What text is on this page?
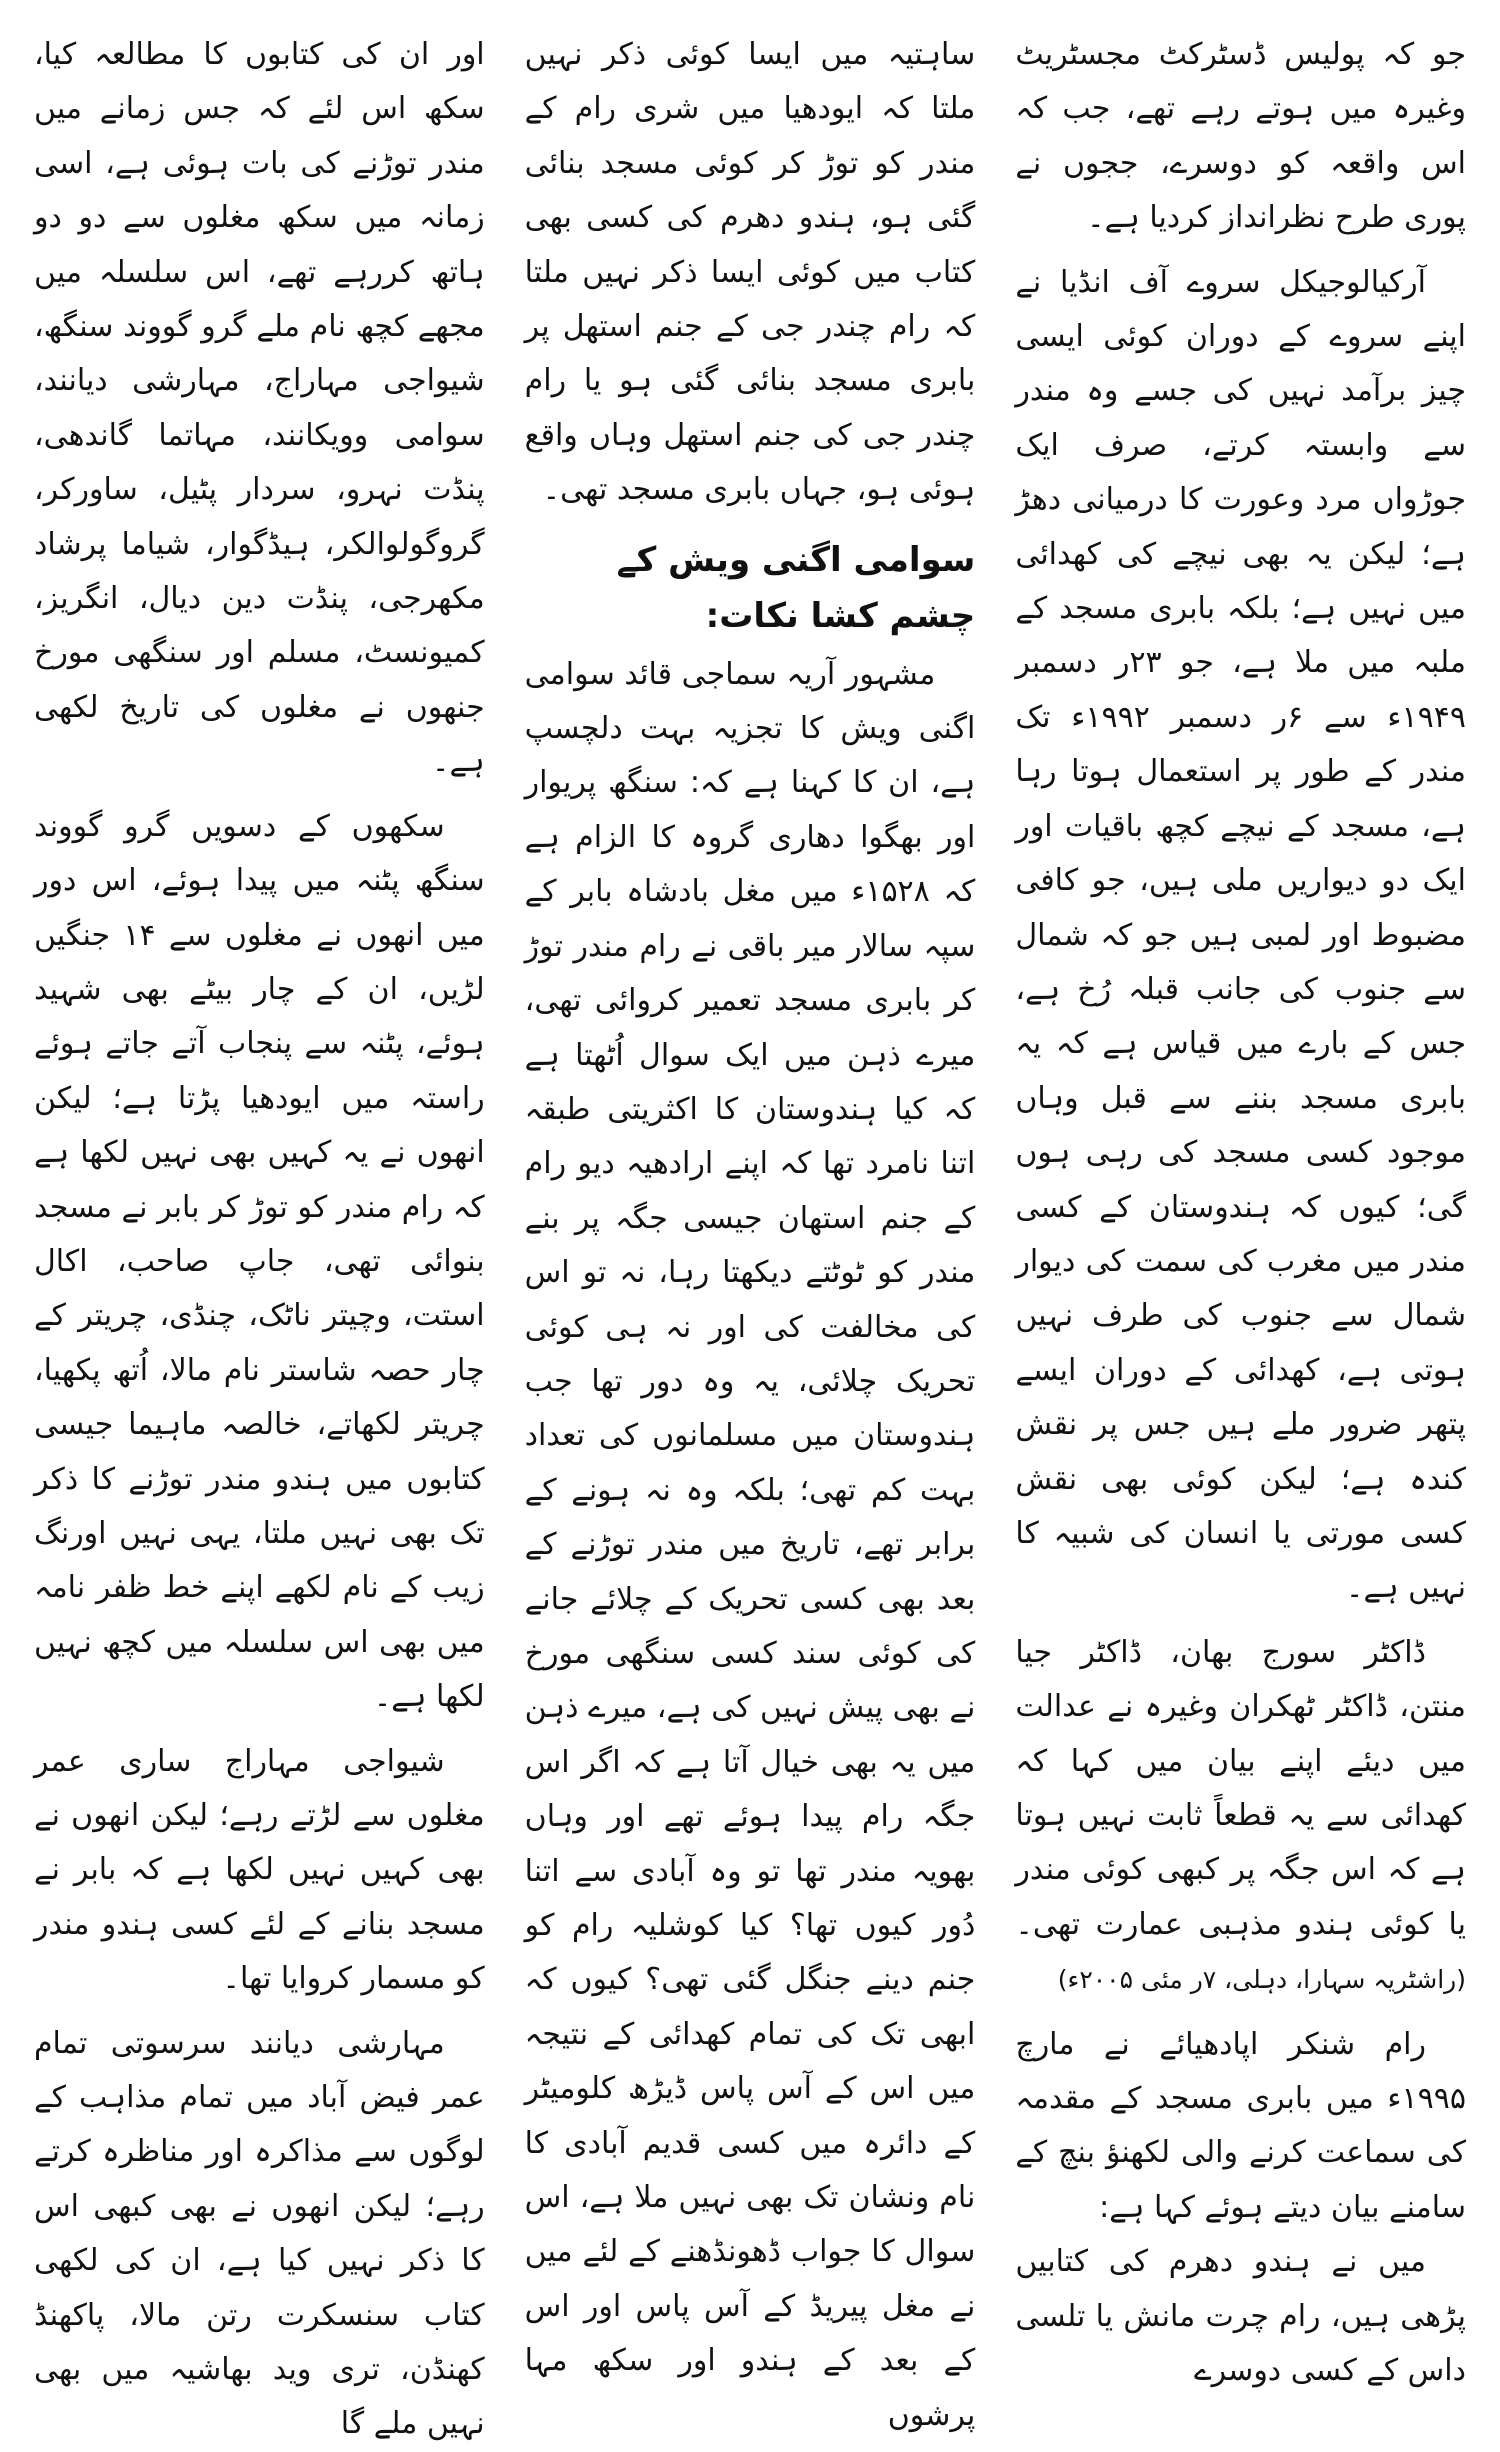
جو کہ پولیس ڈسٹرکٹ مجسٹریٹ وغیرہ میں ہوتے رہے تھے، جب کہ اس واقعہ کو دوسرے، ججوں نے پوری طرح نظرانداز کردیا ہے۔

آرکیالوجیکل سروے آف انڈیا نے اپنے سروے کے دوران کوئی ایسی چیز برآمد نہیں کی جسے وہ مندر سے وابستہ کرتے، صرف ایک جوڑواں مرد وعورت کا درمیانی دھڑ ہے؛ لیکن یہ بھی نیچے کی کھدائی میں نہیں ہے؛ بلکہ بابری مسجد کے ملبہ میں ملا ہے، جو ۲۳ر دسمبر ۱۹۴۹ء سے ۶ر دسمبر ۱۹۹۲ء تک مندر کے طور پر استعمال ہوتا رہا ہے، مسجد کے نیچے کچھ باقیات اور ایک دو دیواریں ملی ہیں، جو کافی مضبوط اور لمبی ہیں جو کہ شمال سے جنوب کی جانب قبلہ رُخ ہے، جس کے بارے میں قیاس ہے کہ یہ بابری مسجد بننے سے قبل وہاں موجود کسی مسجد کی رہی ہوں گی؛ کیوں کہ ہندوستان کے کسی مندر میں مغرب کی سمت کی دیوار شمال سے جنوب کی طرف نہیں ہوتی ہے، کھدائی کے دوران ایسے پتھر ضرور ملے ہیں جس پر نقش کندہ ہے؛ لیکن کوئی بھی نقش کسی مورتی یا انسان کی شبیہ کا نہیں ہے۔

ڈاکٹر سورج بھان، ڈاکٹر جیا منتن، ڈاکٹر ٹھکران وغیرہ نے عدالت میں دیئے اپنے بیان میں کہا کہ کھدائی سے یہ قطعاً ثابت نہیں ہوتا ہے کہ اس جگہ پر کبھی کوئی مندر یا کوئی ہندو مذہبی عمارت تھی۔ (راشٹریہ سہارا، دہلی، ۷ر مئی ۲۰۰۵ء)

رام شنکر اپادھیائے نے مارچ ۱۹۹۵ء میں بابری مسجد کے مقدمہ کی سماعت کرنے والی لکھنؤ بنچ کے سامنے بیان دیتے ہوئے کہا ہے:

میں نے ہندو دھرم کی کتابیں پڑھی ہیں، رام چرت مانش یا تلسی داس کے کسی دوسرے

ساہتیہ میں ایسا کوئی ذکر نہیں ملتا کہ ایودھیا میں شری رام کے مندر کو توڑ کر کوئی مسجد بنائی گئی ہو، ہندو دھرم کی کسی بھی کتاب میں کوئی ایسا ذکر نہیں ملتا کہ رام چندر جی کے جنم استھل پر بابری مسجد بنائی گئی ہو یا رام چندر جی کی جنم استھل وہاں واقع ہوئی ہو، جہاں بابری مسجد تھی۔

سوامی اگنی ویش کے چشم کشا نکات:

مشہور آریہ سماجی قائد سوامی اگنی ویش کا تجزیہ بہت دلچسپ ہے، ان کا کہنا ہے کہ: سنگھ پریوار اور بھگوا دھاری گروہ کا الزام ہے کہ ۱۵۲۸ء میں مغل بادشاہ بابر کے سپہ سالار میر باقی نے رام مندر توڑ کر بابری مسجد تعمیر کروائی تھی، میرے ذہن میں ایک سوال اُٹھتا ہے کہ کیا ہندوستان کا اکثریتی طبقہ اتنا نامرد تھا کہ اپنے ارادھیہ دیو رام کے جنم استھان جیسی جگہ پر بنے مندر کو ٹوٹتے دیکھتا رہا، نہ تو اس کی مخالفت کی اور نہ ہی کوئی تحریک چلائی، یہ وہ دور تھا جب ہندوستان میں مسلمانوں کی تعداد بہت کم تھی؛ بلکہ وہ نہ ہونے کے برابر تھے، تاریخ میں مندر توڑنے کے بعد بھی کسی تحریک کے چلائے جانے کی کوئی سند کسی سنگھی مورخ نے بھی پیش نہیں کی ہے، میرے ذہن میں یہ بھی خیال آتا ہے کہ اگر اس جگہ رام پیدا ہوئے تھے اور وہاں بھویہ مندر تھا تو وہ آبادی سے اتنا دُور کیوں تھا؟ کیا کوشلیہ رام کو جنم دینے جنگل گئی تھی؟ کیوں کہ ابھی تک کی تمام کھدائی کے نتیجہ میں اس کے آس پاس ڈیڑھ کلومیٹر کے دائرہ میں کسی قدیم آبادی کا نام ونشان تک بھی نہیں ملا ہے، اس سوال کا جواب ڈھونڈھنے کے لئے میں نے مغل پیریڈ کے آس پاس اور اس کے بعد کے ہندو اور سکھ مہا پرشوں

اور ان کی کتابوں کا مطالعہ کیا، سکھ اس لئے کہ جس زمانے میں مندر توڑنے کی بات ہوئی ہے، اسی زمانہ میں سکھ مغلوں سے دو دو ہاتھ کررہے تھے، اس سلسلہ میں مجھے کچھ نام ملے گرو گووند سنگھ، شیواجی مہاراج، مہارشی دیانند، سوامی وویکانند، مہاتما گاندھی، پنڈت نہرو، سردار پٹیل، ساورکر، گروگولوالکر، ہیڈگوار، شیاما پرشاد مکھرجی، پنڈت دین دیال، انگریز، کمیونسٹ، مسلم اور سنگھی مورخ جنھوں نے مغلوں کی تاریخ لکھی ہے۔

سکھوں کے دسویں گرو گووند سنگھ پٹنہ میں پیدا ہوئے، اس دور میں انھوں نے مغلوں سے ۱۴ جنگیں لڑیں، ان کے چار بیٹے بھی شہید ہوئے، پٹنہ سے پنجاب آتے جاتے ہوئے راستہ میں ایودھیا پڑتا ہے؛ لیکن انھوں نے یہ کہیں بھی نہیں لکھا ہے کہ رام مندر کو توڑ کر بابر نے مسجد بنوائی تھی، جاپ صاحب، اکال استت، وچیتر ناٹک، چنڈی، چریتر کے چار حصہ شاستر نام مالا، اُتھ پکھیا، چریتر لکھاتے، خالصہ ماہیما جیسی کتابوں میں ہندو مندر توڑنے کا ذکر تک بھی نہیں ملتا، یہی نہیں اورنگ زیب کے نام لکھے اپنے خط ظفر نامہ میں بھی اس سلسلہ میں کچھ نہیں لکھا ہے۔

شیواجی مہاراج ساری عمر مغلوں سے لڑتے رہے؛ لیکن انھوں نے بھی کہیں نہیں لکھا ہے کہ بابر نے مسجد بنانے کے لئے کسی ہندو مندر کو مسمار کروایا تھا۔

مہارشی دیانند سرسوتی تمام عمر فیض آباد میں تمام مذاہب کے لوگوں سے مذاکرہ اور مناظرہ کرتے رہے؛ لیکن انھوں نے بھی کبھی اس کا ذکر نہیں کیا ہے، ان کی لکھی کتاب سنسکرت رتن مالا، پاکھنڈ کھنڈن، تری وید بھاشیہ میں بھی نہیں ملے گا
